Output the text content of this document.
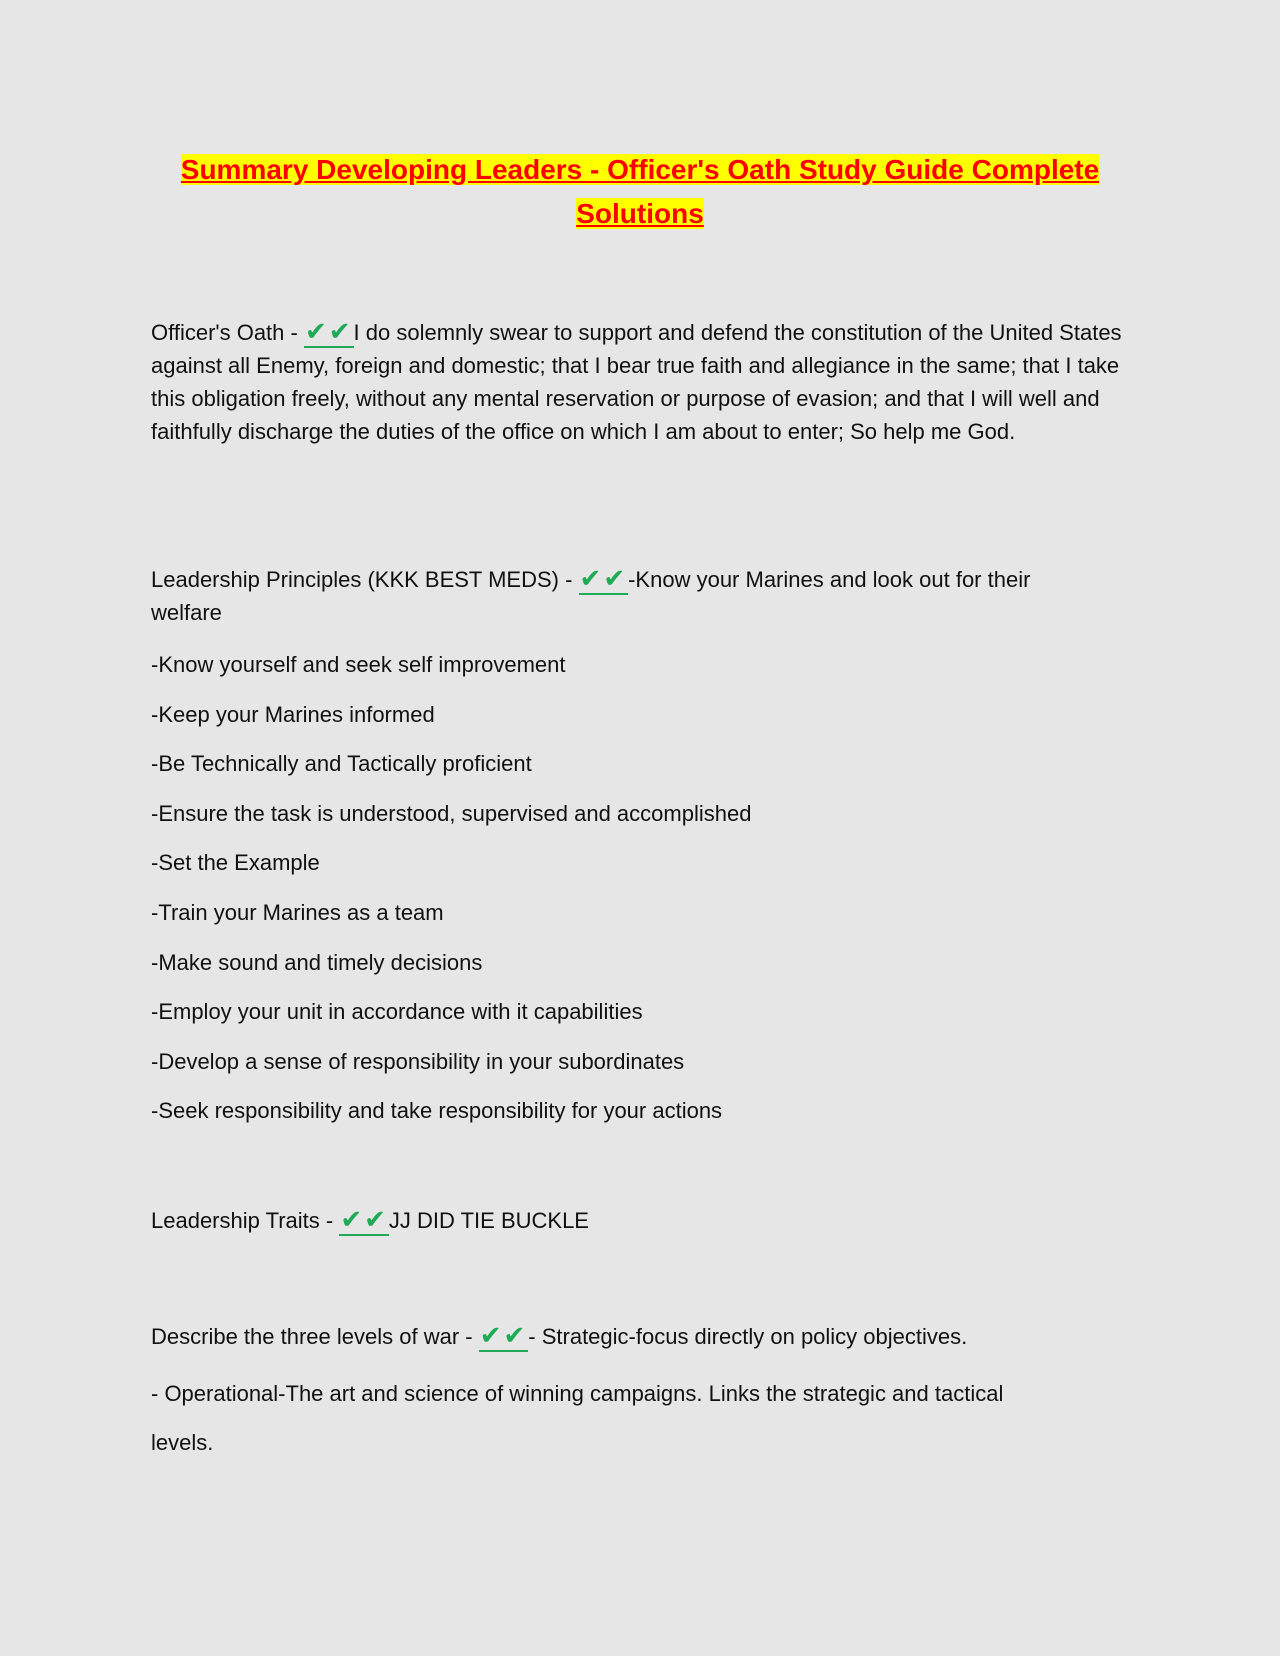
Summary Developing Leaders - Officer's Oath Study Guide Complete
Solutions
Officer's Oath - ✔✔I do solemnly swear to support and defend the constitution of the United States against all Enemy, foreign and domestic; that I bear true faith and allegiance in the same; that I take this obligation freely, without any mental reservation or purpose of evasion; and that I will well and faithfully discharge the duties of the office on which I am about to enter; So help me God.
Leadership Principles (KKK BEST MEDS) - ✔✔-Know your Marines and look out for their
welfare
-Know yourself and seek self improvement
-Keep your Marines informed
-Be Technically and Tactically proficient
-Ensure the task is understood, supervised and accomplished
-Set the Example
-Train your Marines as a team
-Make sound and timely decisions
-Employ your unit in accordance with it capabilities
-Develop a sense of responsibility in your subordinates
-Seek responsibility and take responsibility for your actions
Leadership Traits - ✔✔JJ DID TIE BUCKLE
Describe the three levels of war - ✔✔- Strategic-focus directly on policy objectives.
- Operational-The art and science of winning campaigns. Links the strategic and tactical
levels.
